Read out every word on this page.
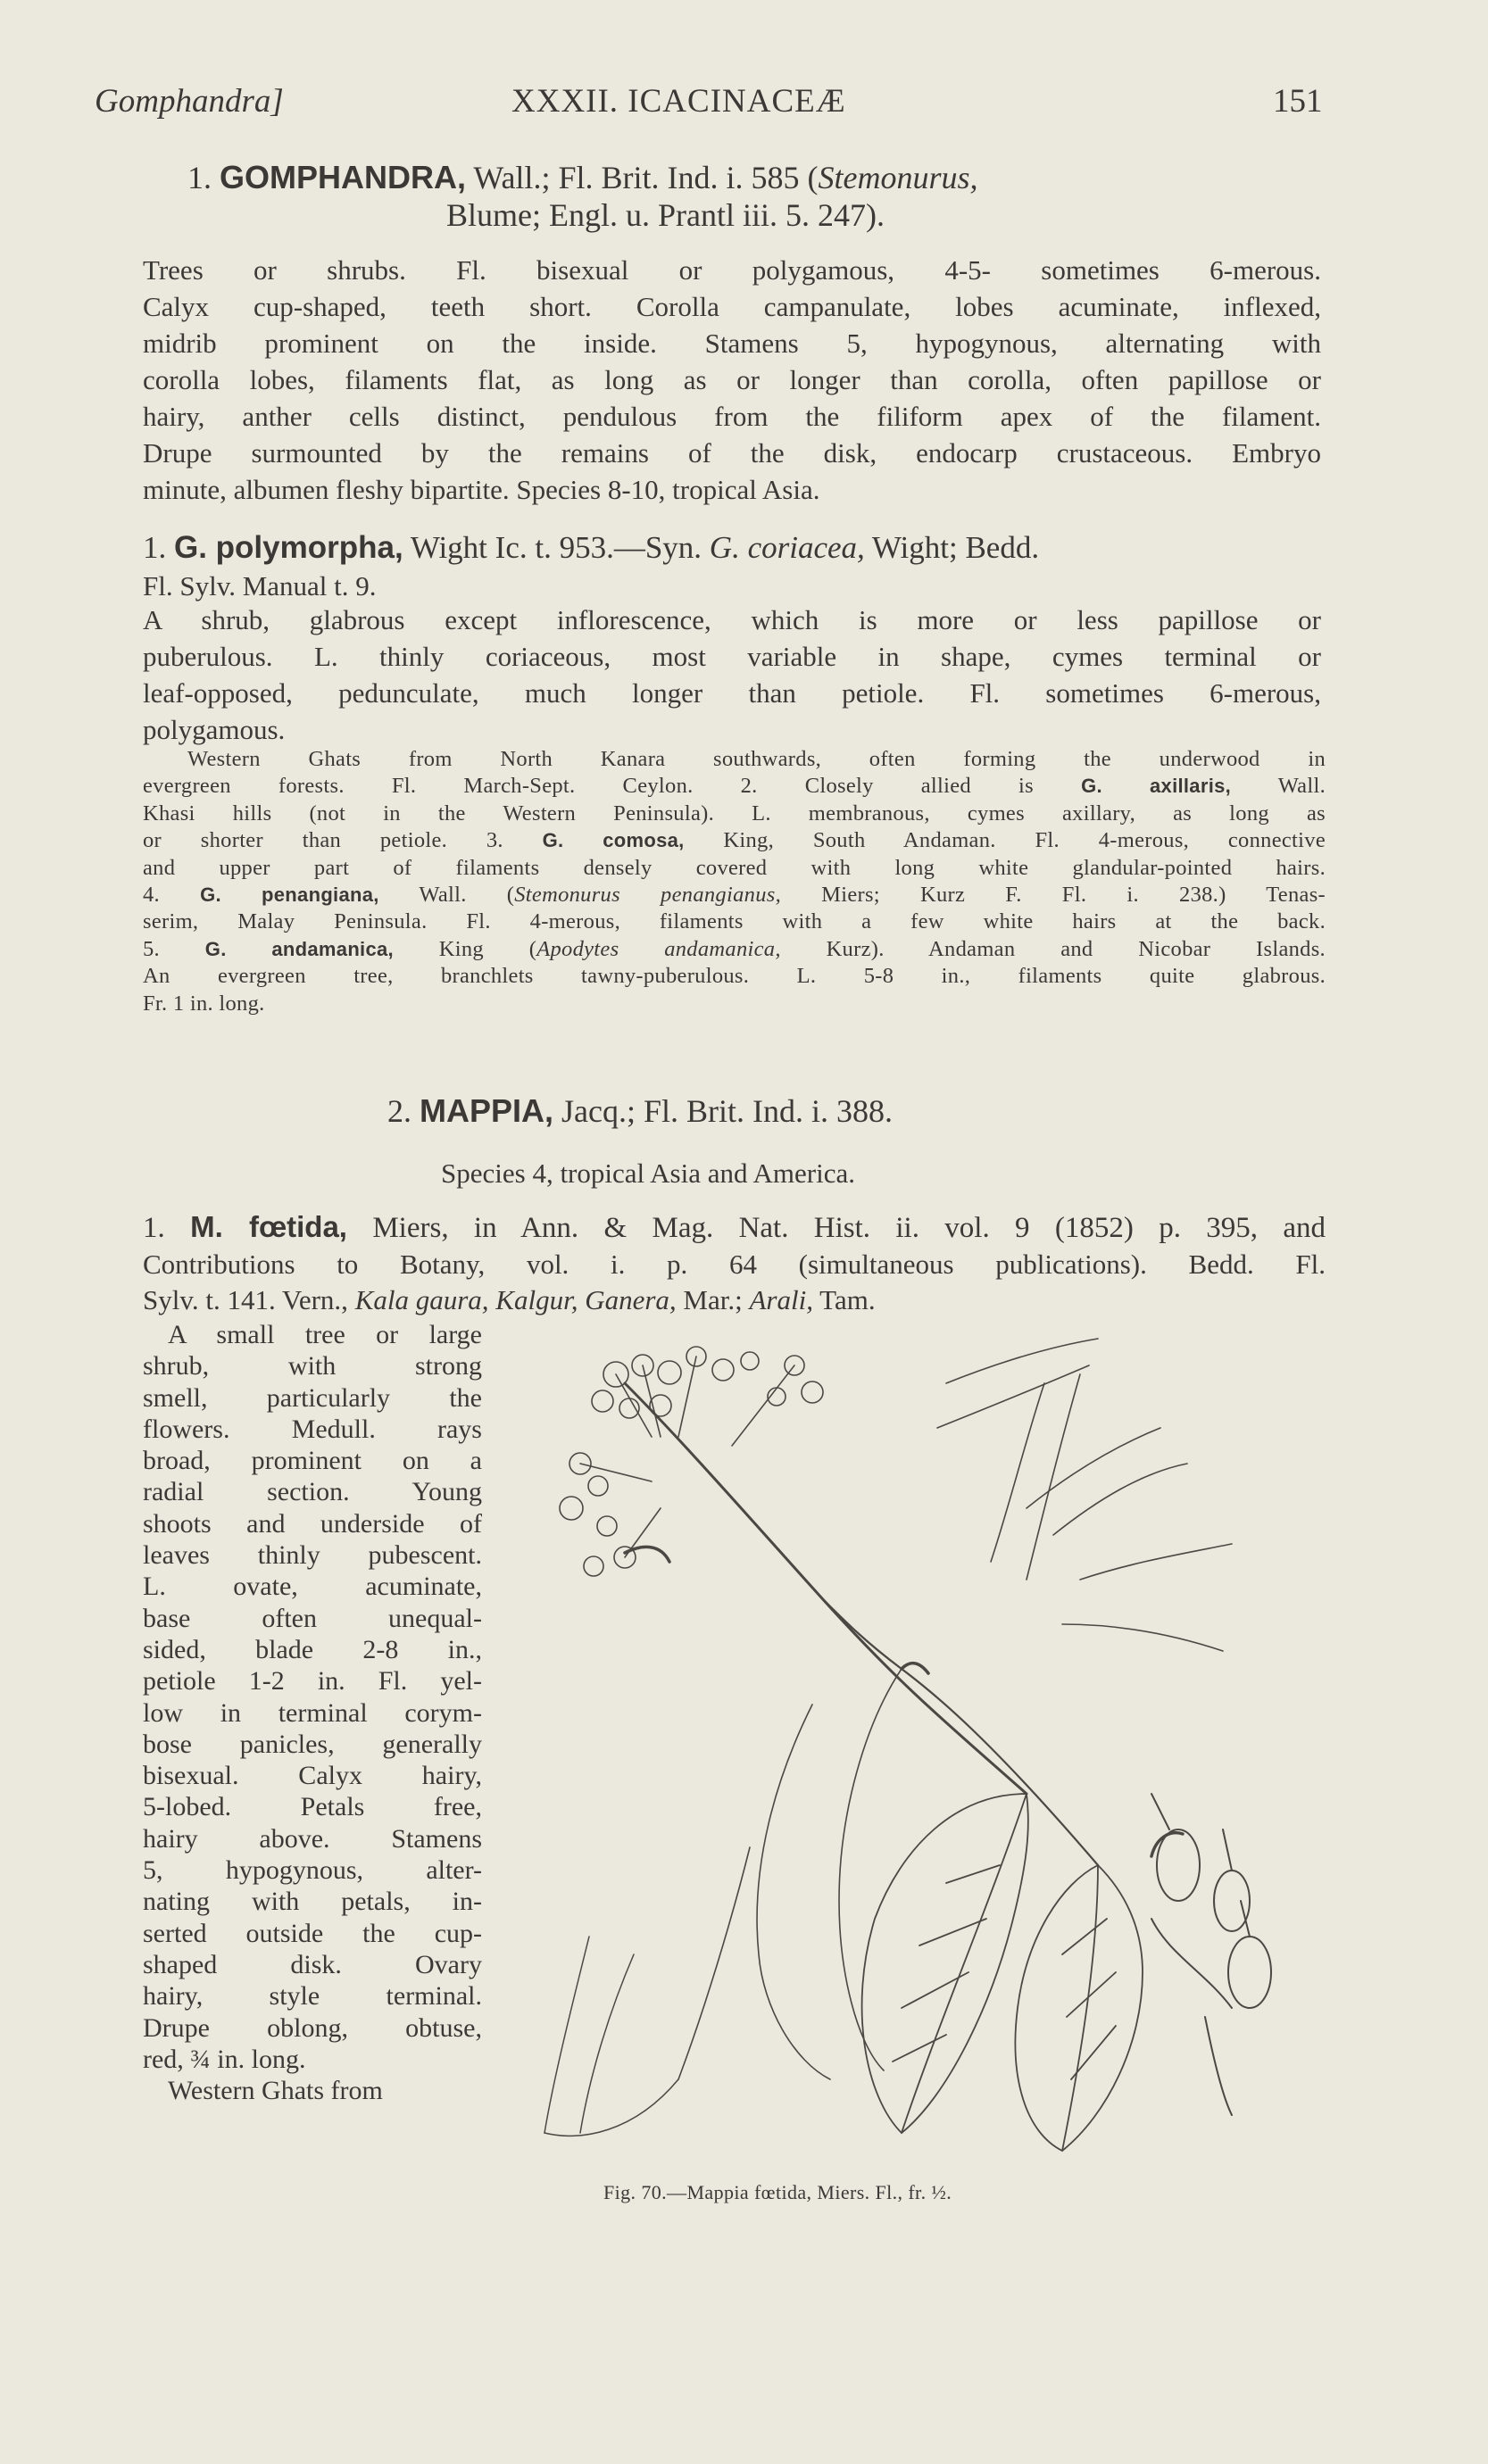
Gomphandra]	XXXII. ICACINACEÆ	151
1. GOMPHANDRA, Wall.; Fl. Brit. Ind. i. 585 (Stemonurus,
Blume; Engl. u. Prantl iii. 5. 247).
Trees or shrubs. Fl. bisexual or polygamous, 4-5- sometimes 6-merous.
Calyx cup-shaped, teeth short. Corolla campanulate, lobes acuminate, inflexed,
midrib prominent on the inside. Stamens 5, hypogynous, alternating with
corolla lobes, filaments flat, as long as or longer than corolla, often papillose or
hairy, anther cells distinct, pendulous from the filiform apex of the filament.
Drupe surmounted by the remains of the disk, endocarp crustaceous. Embryo
minute, albumen fleshy bipartite. Species 8-10, tropical Asia.
1. G. polymorpha, Wight Ic. t. 953.—Syn. G. coriacea, Wight; Bedd.
Fl. Sylv. Manual t. 9.
A shrub, glabrous except inflorescence, which is more or less papillose or
puberulous. L. thinly coriaceous, most variable in shape, cymes terminal or
leaf-opposed, pedunculate, much longer than petiole. Fl. sometimes 6-merous,
polygamous.
Western Ghats from North Kanara southwards, often forming the underwood in
evergreen forests. Fl. March-Sept. Ceylon. 2. Closely allied is G. axillaris, Wall.
Khasi hills (not in the Western Peninsula). L. membranous, cymes axillary, as long as
or shorter than petiole. 3. G. comosa, King, South Andaman. Fl. 4-merous, connective
and upper part of filaments densely covered with long white glandular-pointed hairs.
4. G. penangiana, Wall. (Stemonurus penangianus, Miers; Kurz F. Fl. i. 238.) Tenas-
serim, Malay Peninsula. Fl. 4-merous, filaments with a few white hairs at the back.
5. G. andamanica, King (Apodytes andamanica, Kurz). Andaman and Nicobar Islands.
An evergreen tree, branchlets tawny-puberulous. L. 5-8 in., filaments quite glabrous.
Fr. 1 in. long.
2. MAPPIA, Jacq.; Fl. Brit. Ind. i. 388.
Species 4, tropical Asia and America.
1. M. fœtida, Miers, in Ann. & Mag. Nat. Hist. ii. vol. 9 (1852) p. 395, and
Contributions to Botany, vol. i. p. 64 (simultaneous publications). Bedd. Fl.
Sylv. t. 141. Vern., Kala gaura, Kalgur, Ganera, Mar.; Arali, Tam.
A small tree or large
shrub, with strong
smell, particularly the
flowers. Medull. rays
broad, prominent on a
radial section. Young
shoots and underside of
leaves thinly pubescent.
L. ovate, acuminate,
base often unequal-
sided, blade 2-8 in.,
petiole 1-2 in. Fl. yel-
low in terminal corym-
bose panicles, generally
bisexual. Calyx hairy,
5-lobed. Petals free,
hairy above. Stamens
5, hypogynous, alter-
nating with petals, in-
serted outside the cup-
shaped disk. Ovary
hairy, style terminal.
Drupe oblong, obtuse,
red, ¾ in. long.
Western Ghats from
Fig. 70.—Mappia fœtida, Miers. Fl., fr. ½.
